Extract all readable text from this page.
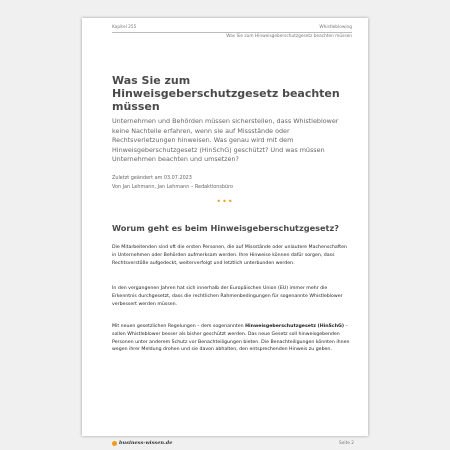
Kapitel 255	Whistleblowing
Was Sie zum Hinweisgeberschutzgesetz beachten müssen
Was Sie zum Hinweisgeberschutzgesetz beachten müssen

Unternehmen und Behörden müssen sicherstellen, dass Whistleblower keine Nachteile erfahren, wenn sie auf Missstände oder Rechtsverletzungen hinweisen. Was genau wird mit dem Hinweisgeberschutzgesetz (HinSchG) geschützt? Und was müssen Unternehmen beachten und umsetzen?

Zuletzt geändert am 03.07.2023
Von Jan Lehmann, Jan Lehmann – Redaktionsbüro
•••
Worum geht es beim Hinweisgeberschutzgesetz?

Die Mitarbeitenden sind oft die ersten Personen, die auf Missstände oder unlautere Machenschaften in Unternehmen oder Behörden aufmerksam werden. Ihre Hinweise können dafür sorgen, dass Rechtsverstöße aufgedeckt, weiterverfolgt und letztlich unterbunden werden.

In den vergangenen Jahren hat sich innerhalb der Europäischen Union (EU) immer mehr die Erkenntnis durchgesetzt, dass die rechtlichen Rahmenbedingungen für sogenannte Whistleblower verbessert werden müssen.

Mit neuen gesetzlichen Regelungen – dem sogenannten Hinweisgeberschutzgesetz (HinSchG) – sollen Whistleblower besser als bisher geschützt werden. Das neue Gesetz soll hinweisgebenden Personen unter anderem Schutz vor Benachteiligungen bieten. Die Benachteiligungen könnten ihnen wegen ihrer Meldung drohen und sie davon abhalten, den entsprechenden Hinweis zu geben.

business-wissen.de	Seite 2
